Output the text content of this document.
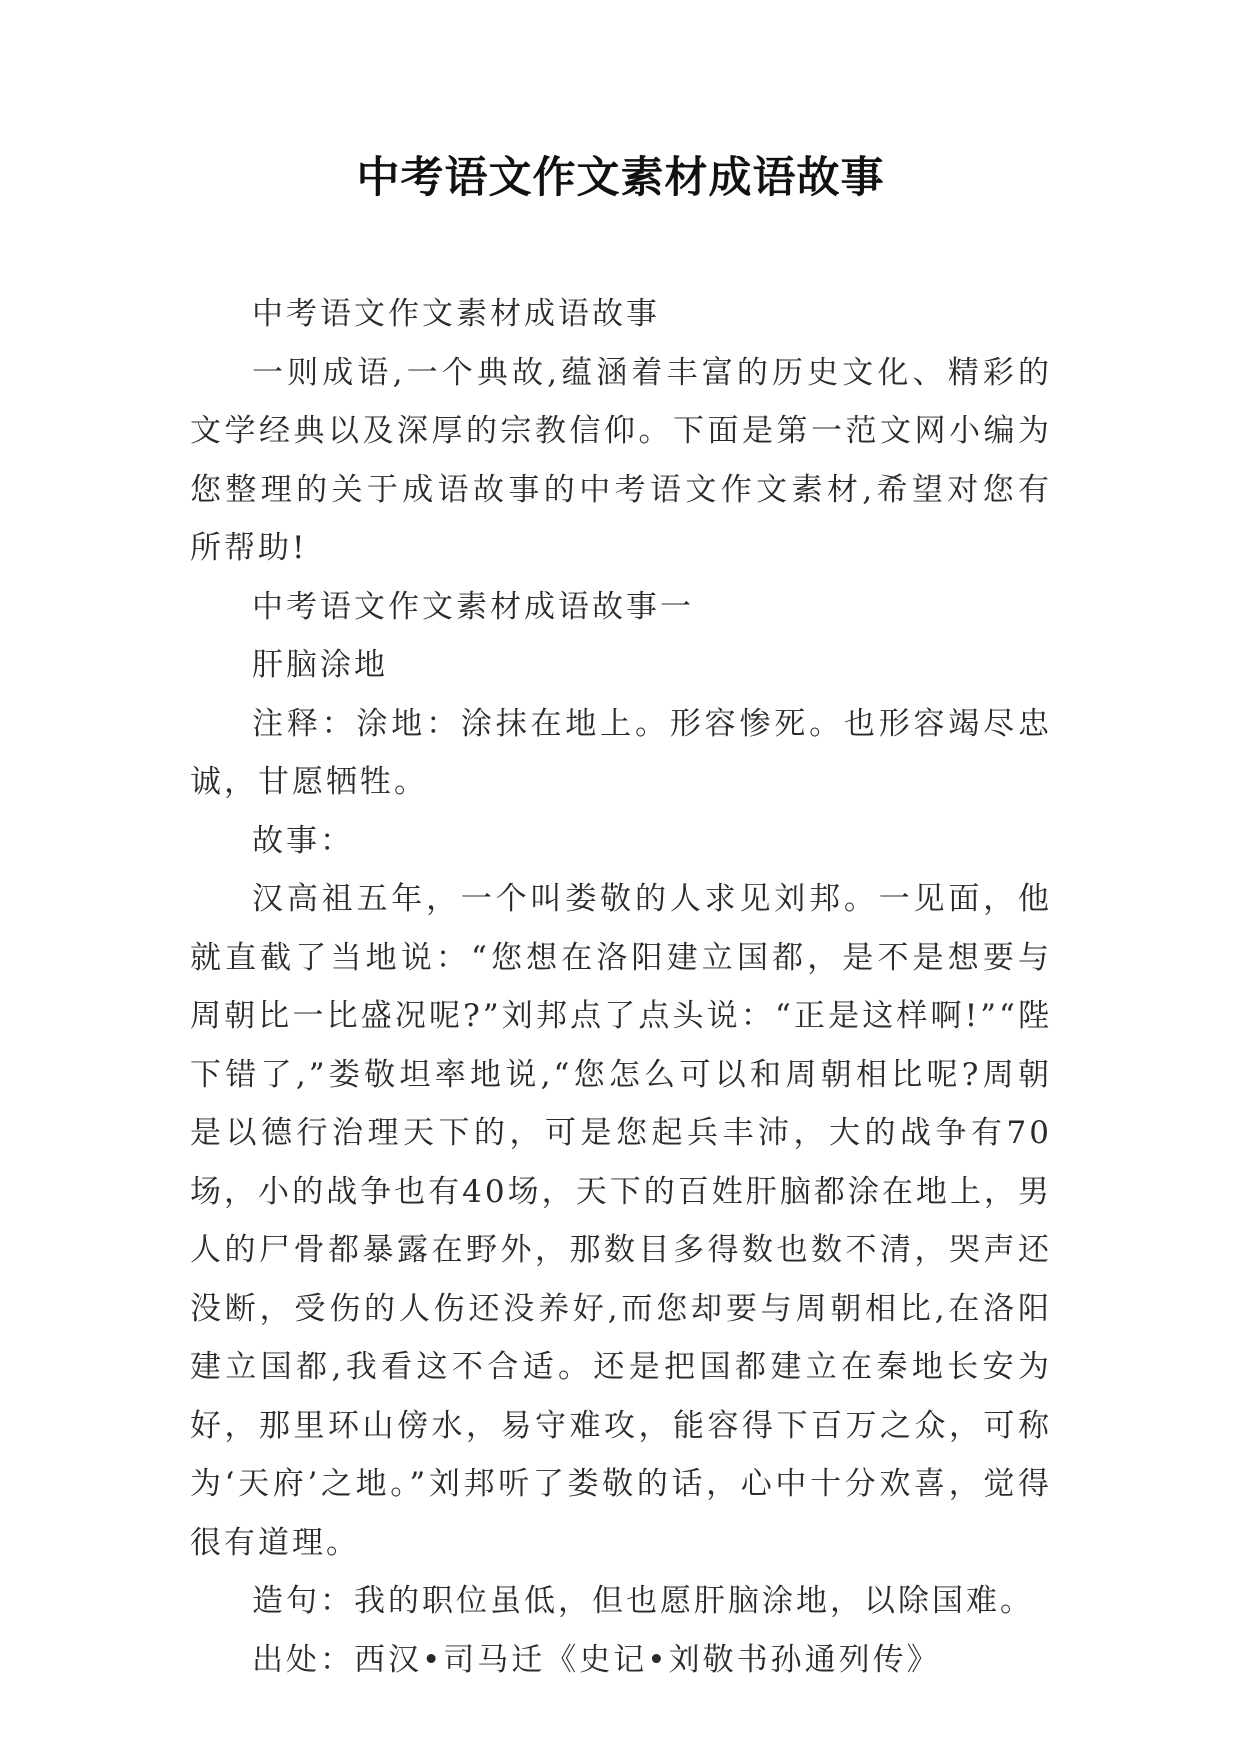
中考语文作文素材成语故事

中考语文作文素材成语故事

一则成语,一个典故,蕴涵着丰富的历史文化、精彩的文学经典以及深厚的宗教信仰。下面是第一范文网小编为您整理的关于成语故事的中考语文作文素材,希望对您有所帮助!

中考语文作文素材成语故事一

肝脑涂地

注释：涂地：涂抹在地上。形容惨死。也形容竭尽忠诚，甘愿牺牲。

故事：

汉高祖五年，一个叫娄敬的人求见刘邦。一见面，他就直截了当地说：“您想在洛阳建立国都，是不是想要与周朝比一比盛况呢?”刘邦点了点头说：“正是这样啊!”“陛下错了,”娄敬坦率地说,“您怎么可以和周朝相比呢?周朝是以德行治理天下的，可是您起兵丰沛，大的战争有70场，小的战争也有40场，天下的百姓肝脑都涂在地上，男人的尸骨都暴露在野外，那数目多得数也数不清，哭声还没断，受伤的人伤还没养好,而您却要与周朝相比,在洛阳建立国都,我看这不合适。还是把国都建立在秦地长安为好，那里环山傍水，易守难攻，能容得下百万之众，可称为‘天府’之地。”刘邦听了娄敬的话，心中十分欢喜，觉得很有道理。

造句：我的职位虽低，但也愿肝脑涂地，以除国难。

出处：西汉•司马迁《史记•刘敬书孙通列传》
